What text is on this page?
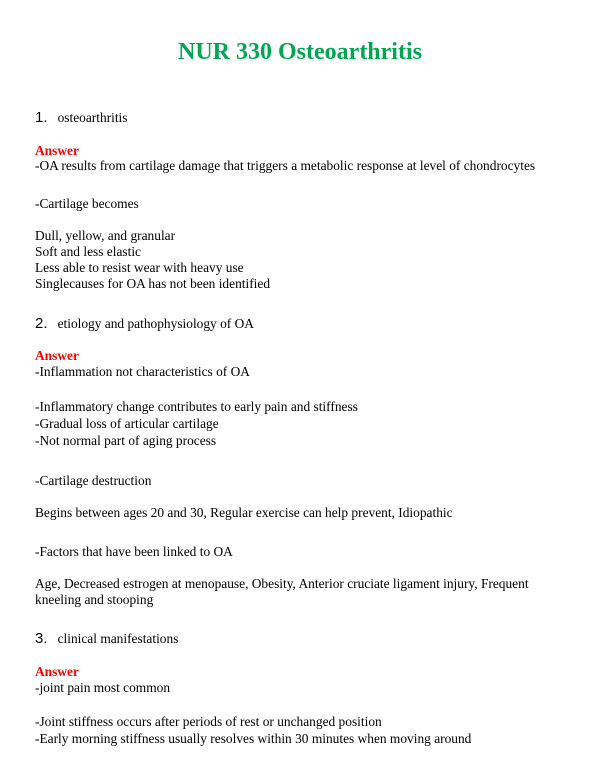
NUR 330 Osteoarthritis
1. osteoarthritis
Answer
-OA results from cartilage damage that triggers a metabolic response at level of chondrocytes
-Cartilage becomes
Dull, yellow, and granular
Soft and less elastic
Less able to resist wear with heavy use
Singlecauses for OA has not been identified
2. etiology and pathophysiology of OA
Answer
-Inflammation not characteristics of OA
-Inflammatory change contributes to early pain and stiffness
-Gradual loss of articular cartilage
-Not normal part of aging process
-Cartilage destruction
Begins between ages 20 and 30, Regular exercise can help prevent, Idiopathic
-Factors that have been linked to OA
Age, Decreased estrogen at menopause, Obesity, Anterior cruciate ligament injury, Frequent kneeling and stooping
3. clinical manifestations
Answer
-joint pain most common
-Joint stiffness occurs after periods of rest or unchanged position
-Early morning stiffness usually resolves within 30 minutes when moving around
